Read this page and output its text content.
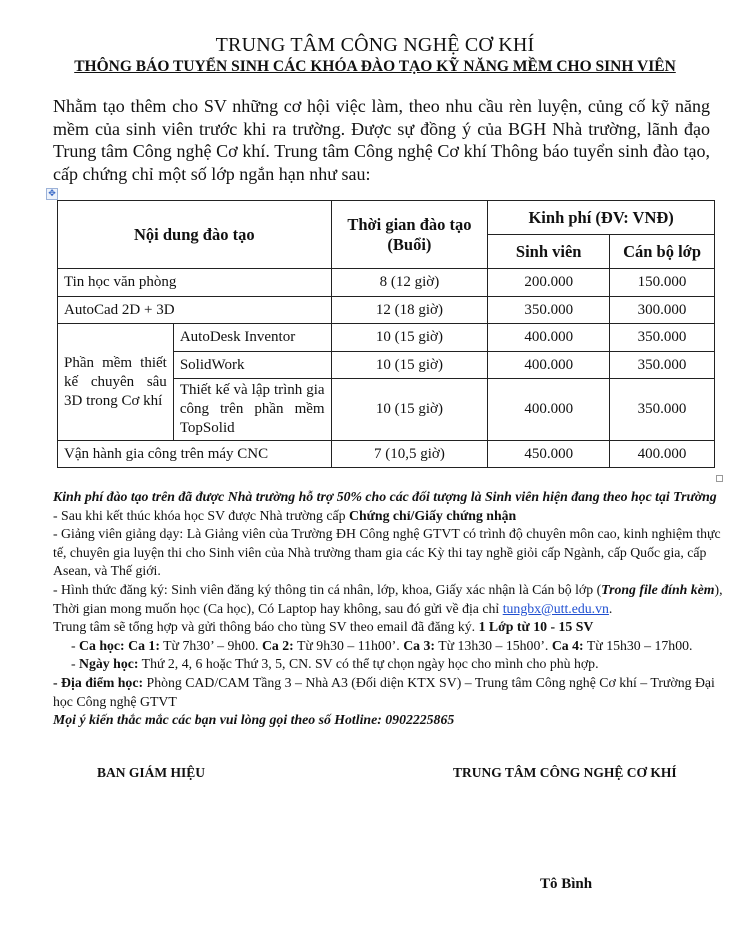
TRUNG TÂM CÔNG NGHỆ CƠ KHÍ
THÔNG BÁO TUYỂN SINH CÁC KHÓA ĐÀO TẠO KỸ NĂNG MỀM CHO SINH VIÊN
Nhằm tạo thêm cho SV những cơ hội việc làm, theo nhu cầu rèn luyện, củng cố kỹ năng mềm của sinh viên trước khi ra trường. Được sự đồng ý của BGH Nhà trường, lãnh đạo Trung tâm Công nghệ Cơ khí. Trung tâm Công nghệ Cơ khí Thông báo tuyển sinh đào tạo, cấp chứng chỉ một số lớp ngắn hạn như sau:
✥
Nội dung đào tạo		Thời gian đào tạo (Buổi)	Kinh phí (ĐV: VNĐ)	
			Sinh viên	Cán bộ lớp
Tin học văn phòng		8 (12 giờ)	200.000	150.000
AutoCad 2D + 3D		12 (18 giờ)	350.000	300.000
Phần mềm thiết kế chuyên sâu 3D trong Cơ khí	AutoDesk Inventor	10 (15 giờ)	400.000	350.000
	SolidWork	10 (15 giờ)	400.000	350.000
	Thiết kế và lập trình gia công trên phần mềm TopSolid	10 (15 giờ)	400.000	350.000
Vận hành gia công trên máy CNC		7 (10,5 giờ)	450.000	400.000

Kinh phí đào tạo trên đã được Nhà trường hỗ trợ 50% cho các đối tượng là Sinh viên hiện đang theo học tại Trường

- Sau khi kết thúc khóa học SV được Nhà trường cấp Chứng chỉ/Giấy chứng nhận

- Giảng viên giảng dạy: Là Giảng viên của Trường ĐH Công nghệ GTVT có trình độ chuyên môn cao, kinh nghiệm thực tế, chuyên gia luyện thi cho Sinh viên của Nhà trường tham gia các Kỳ thi tay nghề giỏi cấp Ngành, cấp Quốc gia, cấp Asean, và Thế giới.

- Hình thức đăng ký: Sinh viên đăng ký thông tin cá nhân, lớp, khoa, Giấy xác nhận là Cán bộ lớp (Trong file đính kèm), Thời gian mong muốn học (Ca học), Có Laptop hay không, sau đó gửi về địa chỉ tungbx@utt.edu.vn.

Trung tâm sẽ tổng hợp và gửi thông báo cho tùng SV theo email đã đăng ký. 1 Lớp từ 10 - 15 SV

- Ca học: Ca 1: Từ 7h30’ – 9h00. Ca 2: Từ 9h30 – 11h00’. Ca 3: Từ 13h30 – 15h00’. Ca 4: Từ 15h30 – 17h00.

- Ngày học: Thứ 2, 4, 6 hoặc Thứ 3, 5, CN. SV có thể tự chọn ngày học cho mình cho phù hợp.

- Địa điểm học: Phòng CAD/CAM Tầng 3 – Nhà A3 (Đối diện KTX SV) – Trung tâm Công nghệ Cơ khí – Trường Đại học Công nghệ GTVT

Mọi ý kiến thắc mắc các bạn vui lòng gọi theo số Hotline: 0902225865

BAN GIÁM HIỆU	TRUNG TÂM CÔNG NGHỆ CƠ KHÍ
Tô Bình
